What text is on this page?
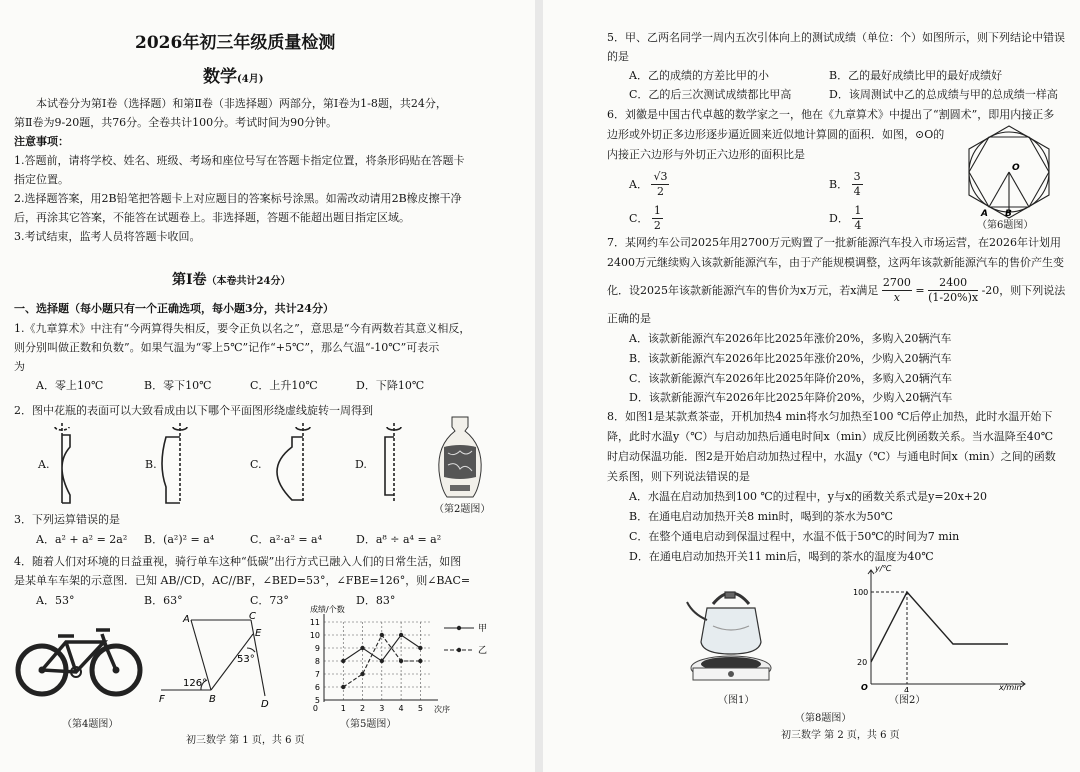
2026年初三年级质量检测
数学(4月)
本试卷分为第Ⅰ卷（选择题）和第Ⅱ卷（非选择题）两部分，第Ⅰ卷为1-8题，共24分，
第Ⅱ卷为9-20题，共76分。全卷共计100分。考试时间为90分钟。
注意事项：
1.答题前，请将学校、姓名、班级、考场和座位号写在答题卡指定位置，将条形码贴在答题卡
指定位置。
2.选择题答案，用2B铅笔把答题卡上对应题目的答案标号涂黑。如需改动请用2B橡皮擦干净
后，再涂其它答案，不能答在试题卷上。非选择题，答题不能超出题目指定区域。
3.考试结束，监考人员将答题卡收回。
第Ⅰ卷（本卷共计24分）
一、选择题（每小题只有一个正确选项，每小题3分，共计24分）
1.《九章算术》中注有“今两算得失相反，要令正负以名之”，意思是“今有两数若其意义相反，
则分别叫做正数和负数”。如果气温为“零上5℃”记作“+5℃”，那么气温“-10℃”可表示
为
A．零上10℃	B．零下10℃	C．上升10℃	D．下降10℃
2．图中花瓶的表面可以大致看成由以下哪个平面图形绕虚线旋转一周得到
A.	B.	C.	D.
（第2题图）
3．下列运算错误的是
A．a² + a² = 2a² B．(a²)² = a⁴	C．a²·a² = a⁴	D．a⁸ ÷ a⁴ = a²
4．随着人们对环境的日益重视，骑行单车这种“低碳”出行方式已融入人们的日常生活，如图
是某单车车架的示意图．已知 AB//CD，AC//BF，∠BED=53°，∠FBE=126°，则∠BAC=
A．53°	B．63°	C．73°	D．83°
（第4题图）
A	C
E
F	B	D
53°
126°
5
6
7
8
9
10
11
1 2 3 4 5
0
成绩/个数
次序
甲
乙
（第5题图）
初三数学 第 1 页，共 6 页
5．甲、乙两名同学一周内五次引体向上的测试成绩（单位：个）如图所示，则下列结论中错误
的是
A．乙的成绩的方差比甲的小	B．乙的最好成绩比甲的最好成绩好
C．乙的后三次测试成绩都比甲高	D．该周测试中乙的总成绩与甲的总成绩一样高
6．刘徽是中国古代卓越的数学家之一，他在《九章算术》中提出了“割圆术”，即用内接正多
边形或外切正多边形逐步逼近圆来近似地计算圆的面积．如图，⊙O的
内接正六边形与外切正六边形的面积比是
A． $\frac{√3}{2}$	B． $\frac{3}{4}$
C． $\frac{1}{2}$	D． $\frac{1}{4}$
O
A B
（第6题图）
7．某网约车公司2025年用2700万元购置了一批新能源汽车投入市场运营，在2026年计划用
2400万元继续购入该款新能源汽车，由于产能规模调整，这两年该款新能源汽车的售价产生变
化．设2025年该款新能源汽车的售价为x万元，若x满足 $\frac{2700}{x} = \frac{2400}{(1-20\%)x} -20$，则下列说法
正确的是
A．该款新能源汽车2026年比2025年涨价20%，多购入20辆汽车
B．该款新能源汽车2026年比2025年涨价20%，少购入20辆汽车
C．该款新能源汽车2026年比2025年降价20%，多购入20辆汽车
D．该款新能源汽车2026年比2025年降价20%，少购入20辆汽车
8．如图1是某款煮茶壶，开机加热4 min将水匀加热至100 ℃后停止加热，此时水温开始下
降，此时水温y（℃）与启动加热后通电时间x（min）成反比例函数关系。当水温降至40℃
时启动保温功能．图2是开始启动加热过程中，水温y（℃）与通电时间x（min）之间的函数
关系图，则下列说法错误的是
A．水温在启动加热到100 ℃的过程中，y与x的函数关系式是y=20x+20
B．在通电启动加热开关8 min时，喝到的茶水为50℃
C．在整个通电启动到保温过程中，水温不低于50℃的时间为7 min
D．在通电启动加热开关11 min后，喝到的茶水的温度为40℃
（图1）
y/℃
x/min
100
20
4
O
（图2）
（第8题图）
初三数学 第 2 页，共 6 页
